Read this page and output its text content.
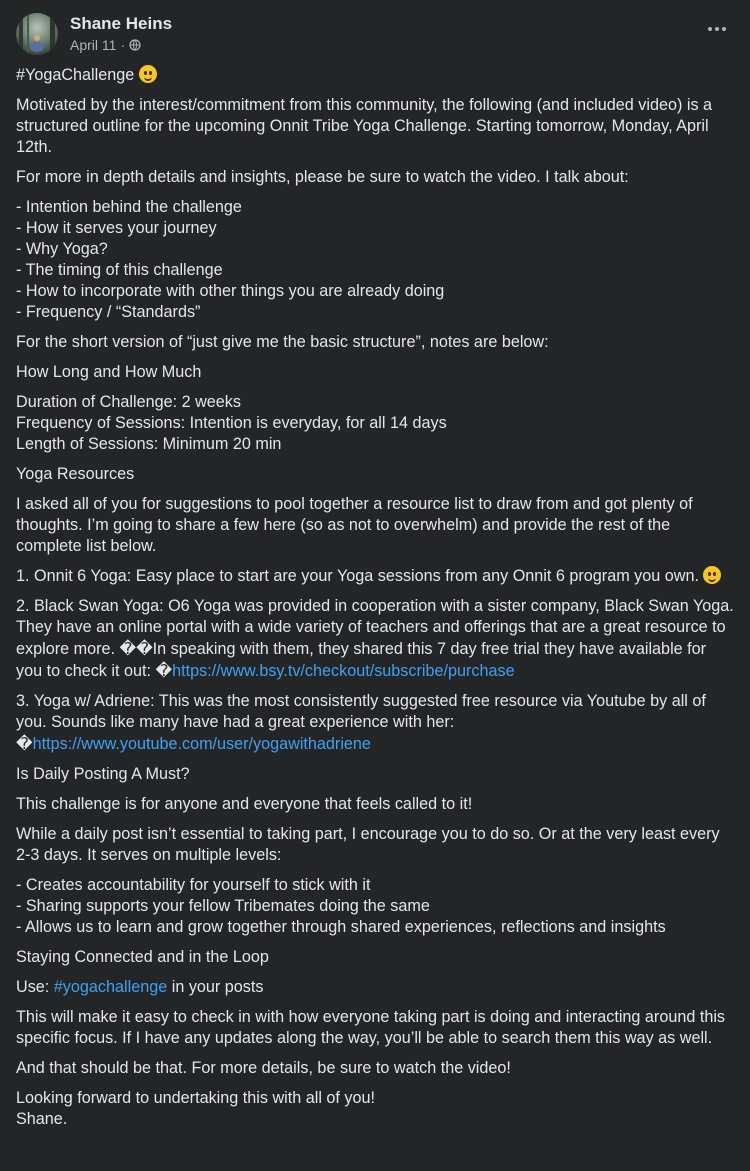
Shane Heins
April 11 ·

#YogaChallenge

Motivated by the interest/commitment from this community, the following (and included video) is a structured outline for the upcoming Onnit Tribe Yoga Challenge. Starting tomorrow, Monday, April 12th.

For more in depth details and insights, please be sure to watch the video. I talk about:

- Intention behind the challenge

- How it serves your journey

- Why Yoga?

- The timing of this challenge

- How to incorporate with other things you are already doing

- Frequency / “Standards”

For the short version of “just give me the basic structure”, notes are below:

How Long and How Much

Duration of Challenge: 2 weeks

Frequency of Sessions: Intention is everyday, for all 14 days

Length of Sessions: Minimum 20 min

Yoga Resources

I asked all of you for suggestions to pool together a resource list to draw from and got plenty of thoughts. I’m going to share a few here (so as not to overwhelm) and provide the rest of the complete list below.

1. Onnit 6 Yoga: Easy place to start are your Yoga sessions from any Onnit 6 program you own.

2. Black Swan Yoga: O6 Yoga was provided in cooperation with a sister company, Black Swan Yoga. They have an online portal with a wide variety of teachers and offerings that are a great resource to explore more. ��In speaking with them, they shared this 7 day free trial they have available for you to check it out: �https://www.bsy.tv/checkout/subscribe/purchase

3. Yoga w/ Adriene: This was the most consistently suggested free resource via Youtube by all of you. Sounds like many have had a great experience with her: �https://www.youtube.com/user/yogawithadriene

Is Daily Posting A Must?

This challenge is for anyone and everyone that feels called to it!

While a daily post isn’t essential to taking part, I encourage you to do so. Or at the very least every 2-3 days. It serves on multiple levels:

- Creates accountability for yourself to stick with it

- Sharing supports your fellow Tribemates doing the same

- Allows us to learn and grow together through shared experiences, reflections and insights

Staying Connected and in the Loop

Use: #yogachallenge in your posts

This will make it easy to check in with how everyone taking part is doing and interacting around this specific focus. If I have any updates along the way, you’ll be able to search them this way as well.

And that should be that. For more details, be sure to watch the video!

Looking forward to undertaking this with all of you!

Shane.
